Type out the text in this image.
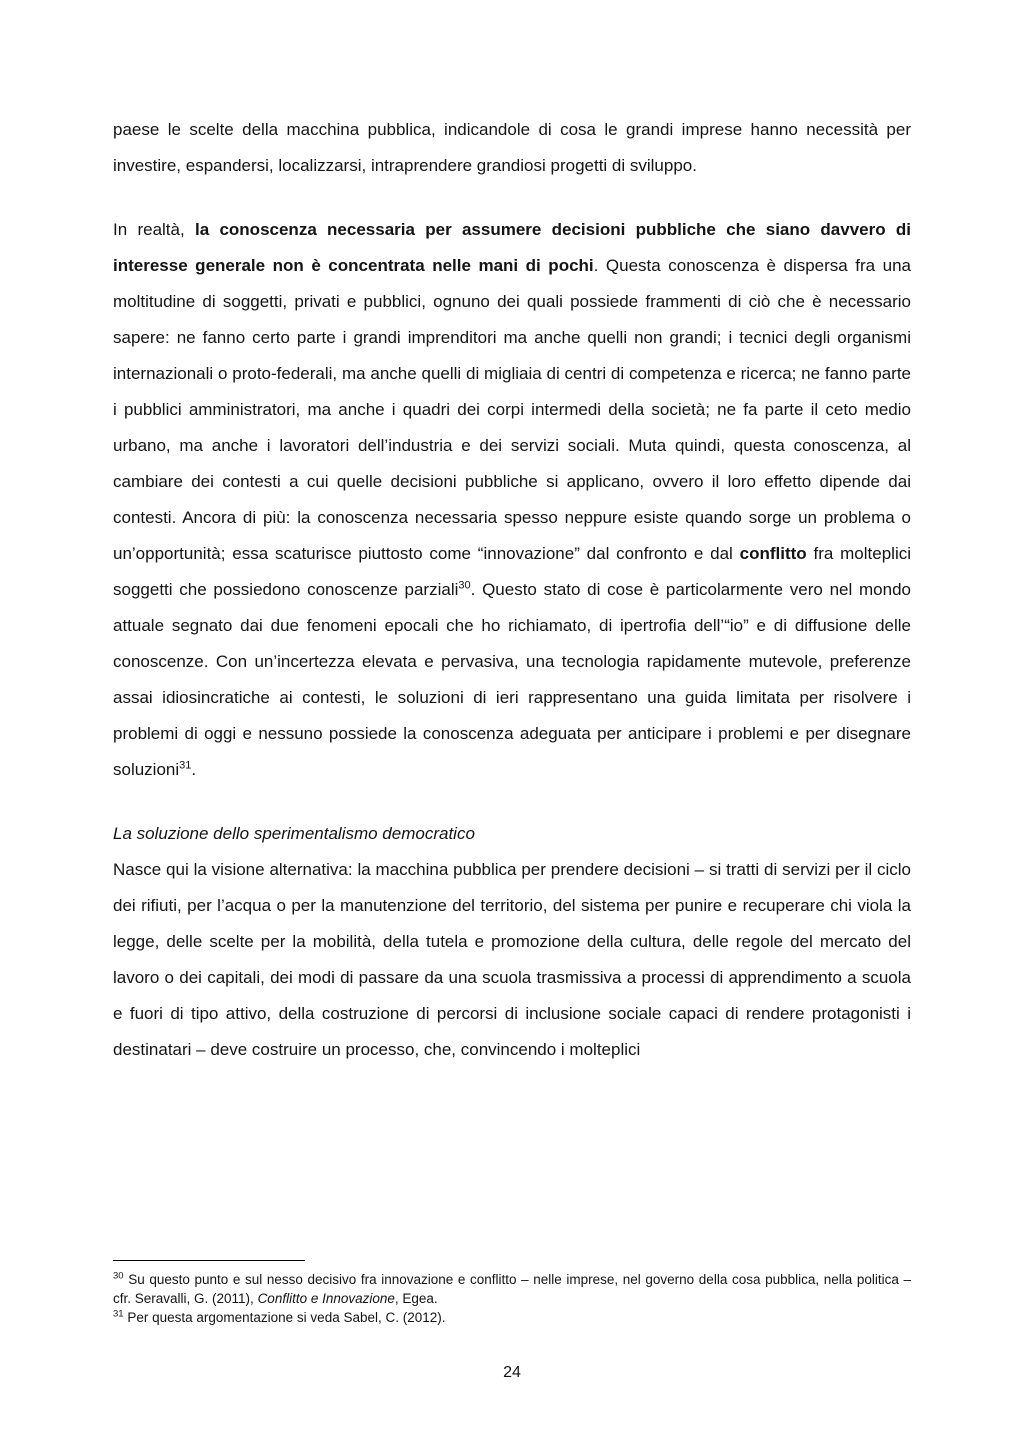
paese le scelte della macchina pubblica, indicandole di cosa le grandi imprese hanno necessità per investire, espandersi, localizzarsi, intraprendere grandiosi progetti di sviluppo.

In realtà, la conoscenza necessaria per assumere decisioni pubbliche che siano davvero di interesse generale non è concentrata nelle mani di pochi. Questa conoscenza è dispersa fra una moltitudine di soggetti, privati e pubblici, ognuno dei quali possiede frammenti di ciò che è necessario sapere: ne fanno certo parte i grandi imprenditori ma anche quelli non grandi; i tecnici degli organismi internazionali o proto-federali, ma anche quelli di migliaia di centri di competenza e ricerca; ne fanno parte i pubblici amministratori, ma anche i quadri dei corpi intermedi della società; ne fa parte il ceto medio urbano, ma anche i lavoratori dell’industria e dei servizi sociali. Muta quindi, questa conoscenza, al cambiare dei contesti a cui quelle decisioni pubbliche si applicano, ovvero il loro effetto dipende dai contesti. Ancora di più: la conoscenza necessaria spesso neppure esiste quando sorge un problema o un’opportunità; essa scaturisce piuttosto come “innovazione” dal confronto e dal conflitto fra molteplici soggetti che possiedono conoscenze parziali$^{30}$. Questo stato di cose è particolarmente vero nel mondo attuale segnato dai due fenomeni epocali che ho richiamato, di ipertrofia dell’“io” e di diffusione delle conoscenze. Con un’incertezza elevata e pervasiva, una tecnologia rapidamente mutevole, preferenze assai idiosincratiche ai contesti, le soluzioni di ieri rappresentano una guida limitata per risolvere i problemi di oggi e nessuno possiede la conoscenza adeguata per anticipare i problemi e per disegnare soluzioni$^{31}$.

La soluzione dello sperimentalismo democratico

Nasce qui la visione alternativa: la macchina pubblica per prendere decisioni – si tratti di servizi per il ciclo dei rifiuti, per l’acqua o per la manutenzione del territorio, del sistema per punire e recuperare chi viola la legge, delle scelte per la mobilità, della tutela e promozione della cultura, delle regole del mercato del lavoro o dei capitali, dei modi di passare da una scuola trasmissiva a processi di apprendimento a scuola e fuori di tipo attivo, della costruzione di percorsi di inclusione sociale capaci di rendere protagonisti i destinatari – deve costruire un processo, che, convincendo i molteplici

$^{30}$ Su questo punto e sul nesso decisivo fra innovazione e conflitto – nelle imprese, nel governo della cosa pubblica, nella politica – cfr. Seravalli, G. (2011), Conflitto e Innovazione, Egea.

$^{31}$ Per questa argomentazione si veda Sabel, C. (2012).

24
